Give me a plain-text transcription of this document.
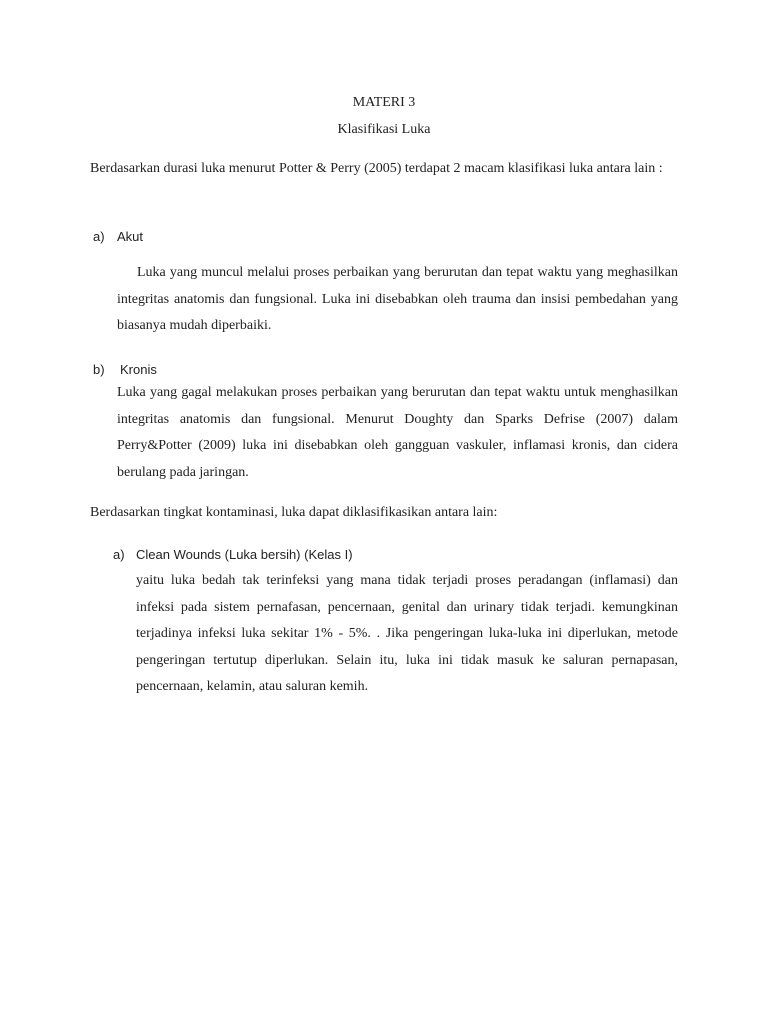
MATERI 3
Klasifikasi Luka

Berdasarkan durasi luka menurut Potter & Perry (2005) terdapat 2 macam klasifikasi luka antara lain :

a) Akut

Luka yang muncul melalui proses perbaikan yang berurutan dan tepat waktu yang meghasilkan integritas anatomis dan fungsional. Luka ini disebabkan oleh trauma dan insisi pembedahan yang biasanya mudah diperbaiki.

b) Kronis

Luka yang gagal melakukan proses perbaikan yang berurutan dan tepat waktu untuk menghasilkan integritas anatomis dan fungsional. Menurut Doughty dan Sparks Defrise (2007) dalam Perry&Potter (2009) luka ini disebabkan oleh gangguan vaskuler, inflamasi kronis, dan cidera berulang pada jaringan.

Berdasarkan tingkat kontaminasi, luka dapat diklasifikasikan antara lain:

a) Clean Wounds (Luka bersih) (Kelas I)

yaitu luka bedah tak terinfeksi yang mana tidak terjadi proses peradangan (inflamasi) dan infeksi pada sistem pernafasan, pencernaan, genital dan urinary tidak terjadi. kemungkinan terjadinya infeksi luka sekitar 1% - 5%. . Jika pengeringan luka-luka ini diperlukan, metode pengeringan tertutup diperlukan. Selain itu, luka ini tidak masuk ke saluran pernapasan, pencernaan, kelamin, atau saluran kemih.
